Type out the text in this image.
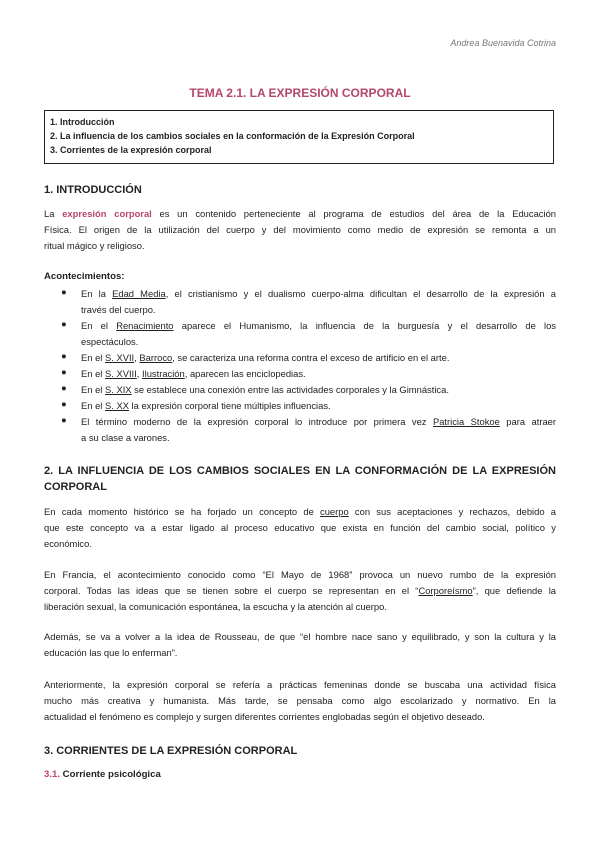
Andrea Buenavida Cotrina
TEMA 2.1. LA EXPRESIÓN CORPORAL
1. Introducción
2. La influencia de los cambios sociales en la conformación de la Expresión Corporal
3. Corrientes de la expresión corporal
1. INTRODUCCIÓN
La expresión corporal es un contenido perteneciente al programa de estudios del área de la Educación
Física. El origen de la utilización del cuerpo y del movimiento como medio de expresión se remonta a un
ritual mágico y religioso.
Acontecimientos:
● En la Edad Media, el cristianismo y el dualismo cuerpo-alma dificultan el desarrollo de la expresión a
través del cuerpo.
● En el Renacimiento aparece el Humanismo, la influencia de la burguesía y el desarrollo de los
espectáculos.
● En el S. XVII, Barroco, se caracteriza una reforma contra el exceso de artificio en el arte.
● En el S. XVIII, Ilustración, aparecen las enciclopedias.
● En el S. XIX se establece una conexión entre las actividades corporales y la Gimnástica.
● En el S. XX la expresión corporal tiene múltiples influencias.
● El término moderno de la expresión corporal lo introduce por primera vez Patricia Stokoe para atraer
a su clase a varones.
2. LA INFLUENCIA DE LOS CAMBIOS SOCIALES EN LA CONFORMACIÓN DE LA EXPRESIÓN
CORPORAL
En cada momento histórico se ha forjado un concepto de cuerpo con sus aceptaciones y rechazos, debido a
que este concepto va a estar ligado al proceso educativo que exista en función del cambio social, político y
económico.
En Francia, el acontecimiento conocido como “El Mayo de 1968” provoca un nuevo rumbo de la expresión
corporal. Todas las ideas que se tienen sobre el cuerpo se representan en el “Corporeísmo”, que defiende la
liberación sexual, la comunicación espontánea, la escucha y la atención al cuerpo.
Además, se va a volver a la idea de Rousseau, de que “el hombre nace sano y equilibrado, y son la cultura y la
educación las que lo enferman”.
Anteriormente, la expresión corporal se refería a prácticas femeninas donde se buscaba una actividad física
mucho más creativa y humanista. Más tarde, se pensaba como algo escolarizado y normativo. En la
actualidad el fenómeno es complejo y surgen diferentes corrientes englobadas según el objetivo deseado.
3. CORRIENTES DE LA EXPRESIÓN CORPORAL
3.1. Corriente psicológica
